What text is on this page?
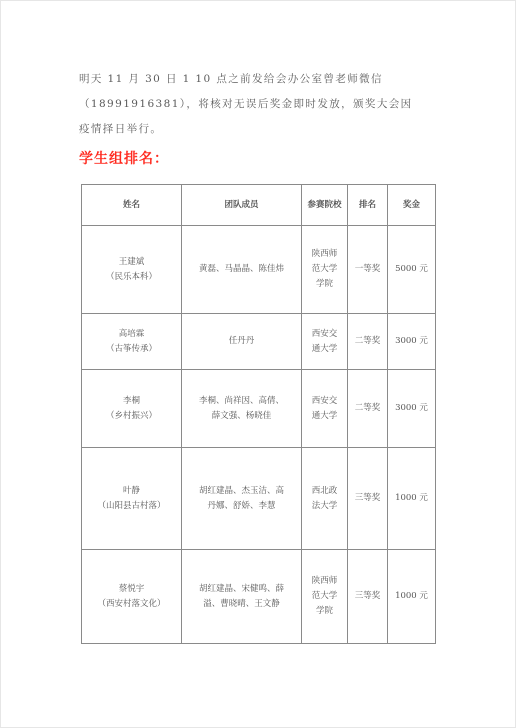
明天 11 月 30 日 1 10 点之前发给会办公室曾老师微信
（18991916381），将核对无误后奖金即时发放，颁奖大会因
疫情择日举行。

学生组排名：
姓名	团队成员	参赛院校	排名	奖金

王建斌
（民乐本科）	黄磊、马晶晶、陈佳炜	陕西师
范大学
学院	一等奖	5000 元

高培霖
（古筝传承）	任丹丹	西安交
通大学	二等奖	3000 元

李桐
（乡村振兴）	李桐、尚祥因、高倩、
薛文强、杨晓佳	西安交
通大学	二等奖	3000 元

叶静
（山阳县古村落）	胡红建晶、杰玉洁、高
丹娜、舒娇、李慧	西北政
法大学	三等奖	1000 元

蔡悦宇
（西安村落文化）	胡红建晶、宋健鸣、薛
溢、曹晓晴、王文静	陕西师
范大学
学院	三等奖	1000 元
